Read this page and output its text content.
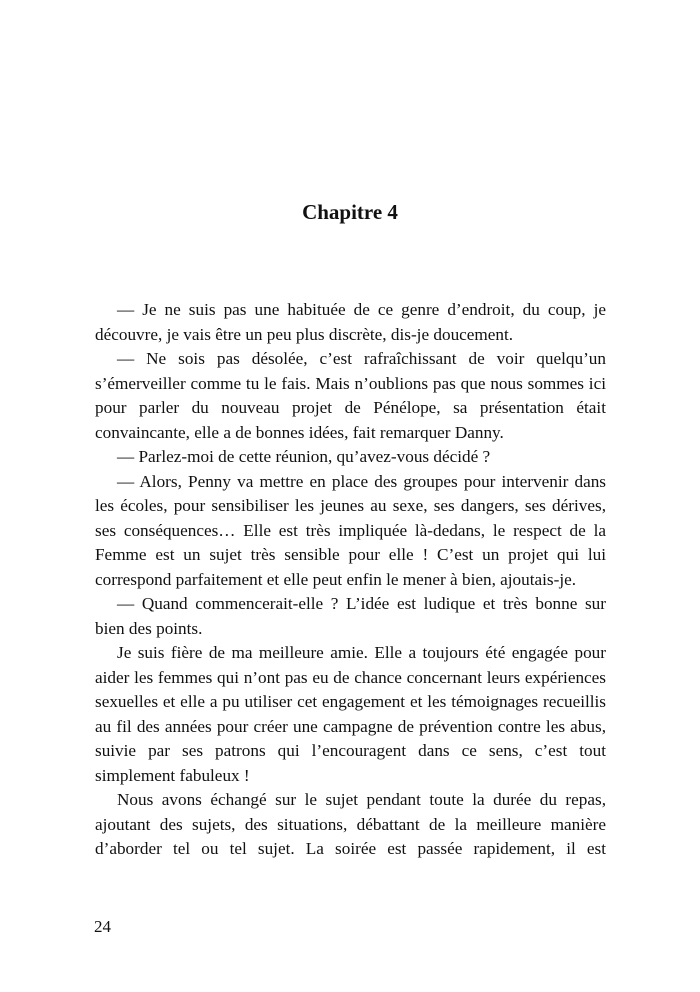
Chapitre 4

— Je ne suis pas une habituée de ce genre d’endroit, du coup, je découvre, je vais être un peu plus discrète, dis-je doucement.

— Ne sois pas désolée, c’est rafraîchissant de voir quelqu’un s’émerveiller comme tu le fais. Mais n’oublions pas que nous sommes ici pour parler du nouveau projet de Pénélope, sa présentation était convaincante, elle a de bonnes idées, fait remarquer Danny.

— Parlez-moi de cette réunion, qu’avez-vous décidé ?

— Alors, Penny va mettre en place des groupes pour intervenir dans les écoles, pour sensibiliser les jeunes au sexe, ses dangers, ses dérives, ses conséquences… Elle est très impliquée là-dedans, le respect de la Femme est un sujet très sensible pour elle ! C’est un projet qui lui correspond parfaitement et elle peut enfin le mener à bien, ajoutais-je.

— Quand commencerait-elle ? L’idée est ludique et très bonne sur bien des points.

Je suis fière de ma meilleure amie. Elle a toujours été engagée pour aider les femmes qui n’ont pas eu de chance concernant leurs expériences sexuelles et elle a pu utiliser cet engagement et les témoignages recueillis au fil des années pour créer une campagne de prévention contre les abus, suivie par ses patrons qui l’encouragent dans ce sens, c’est tout simplement fabuleux !

Nous avons échangé sur le sujet pendant toute la durée du repas, ajoutant des sujets, des situations, débattant de la meilleure manière d’aborder tel ou tel sujet. La soirée est passée rapidement, il est

24
